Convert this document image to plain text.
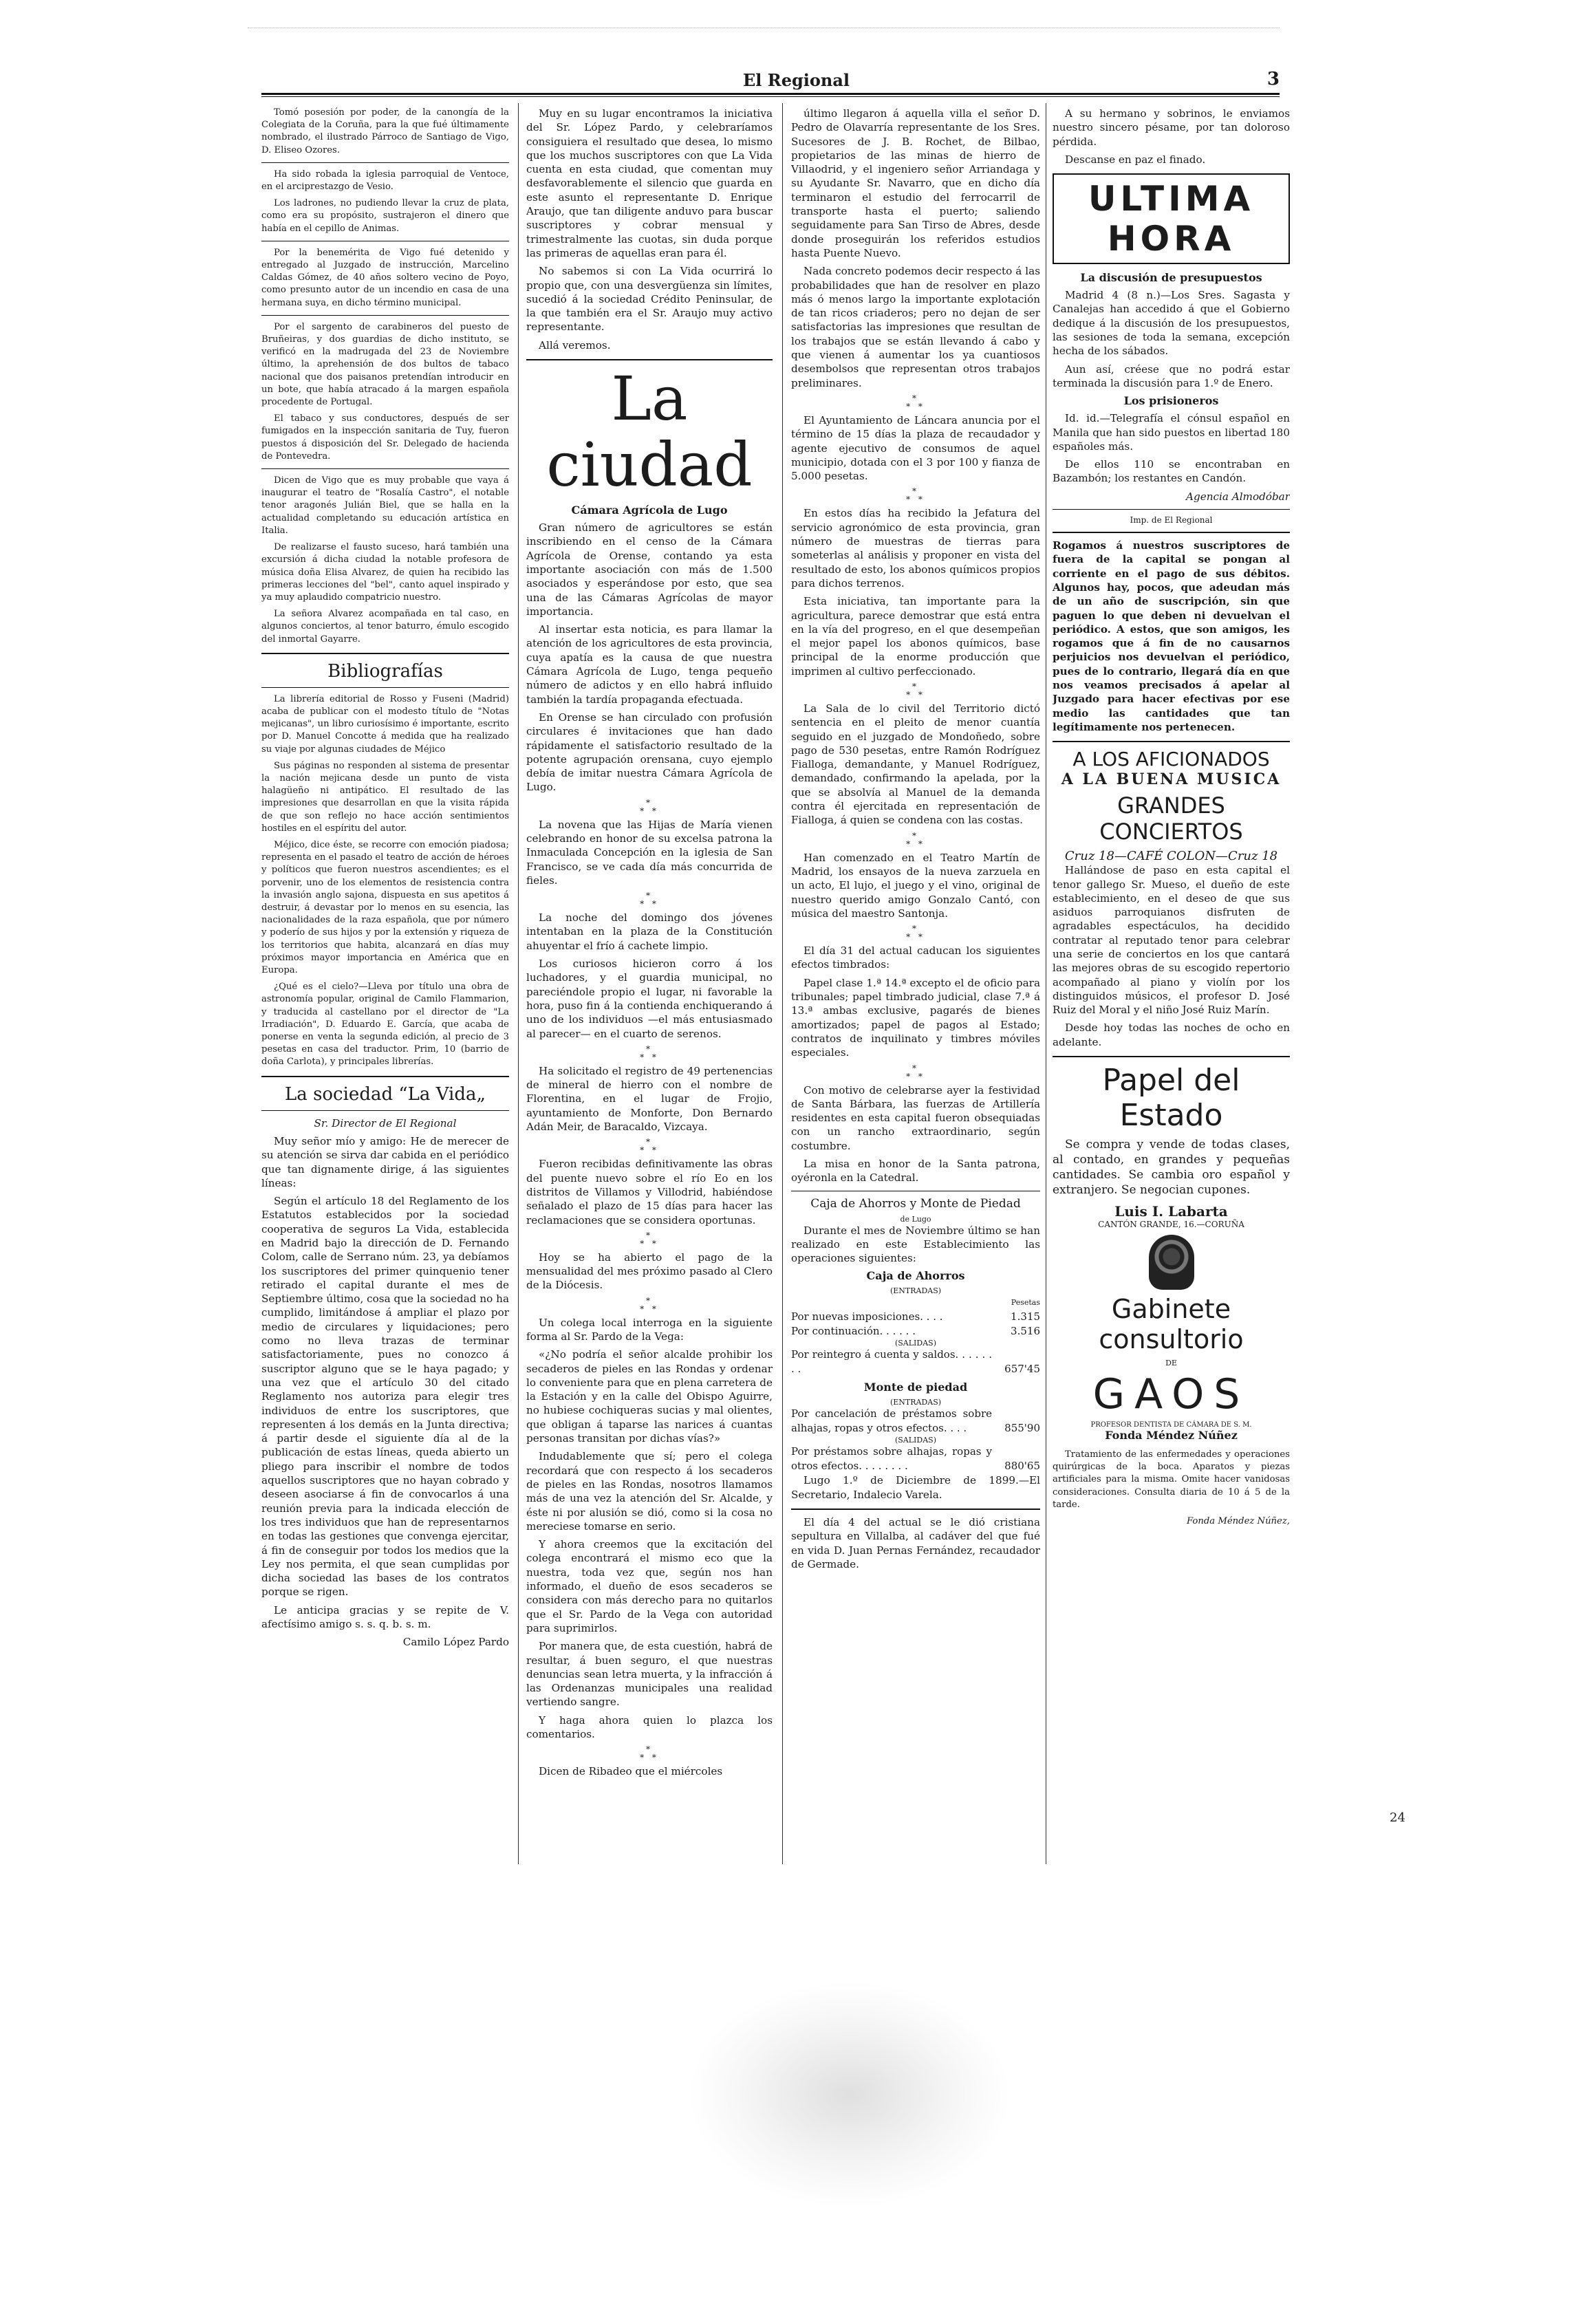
El Regional	3

Tomó posesión por poder, de la canongía de la Colegiata de la Coruña, para la que fué últimamente nombrado, el ilustrado Párroco de Santiago de Vigo, D. Eliseo Ozores.

Ha sido robada la iglesia parroquial de Ventoce, en el arciprestazgo de Vesio.

Los ladrones, no pudiendo llevar la cruz de plata, como era su propósito, sustrajeron el dinero que había en el cepillo de Animas.

Por la benemérita de Vigo fué detenido y entregado al Juzgado de instrucción, Marcelino Caldas Gómez, de 40 años soltero vecino de Poyo, como presunto autor de un incendio en casa de una hermana suya, en dicho término municipal.

Por el sargento de carabineros del puesto de Bruñeiras, y dos guardias de dicho instituto, se verificó en la madrugada del 23 de Noviembre último, la aprehensión de dos bultos de tabaco nacional que dos paisanos pretendían introducir en un bote, que había atracado á la margen española procedente de Portugal.

El tabaco y sus conductores, después de ser fumigados en la inspección sanitaria de Tuy, fueron puestos á disposición del Sr. Delegado de hacienda de Pontevedra.

Dicen de Vigo que es muy probable que vaya á inaugurar el teatro de "Rosalía Castro", el notable tenor aragonés Julián Biel, que se halla en la actualidad completando su educación artística en Italia.

De realizarse el fausto suceso, hará también una excursión á dicha ciudad la notable profesora de música doña Elisa Alvarez, de quien ha recibido las primeras lecciones del "bel", canto aquel inspirado y ya muy aplaudido compatricio nuestro.

La señora Alvarez acompañada en tal caso, en algunos conciertos, al tenor baturro, émulo escogido del inmortal Gayarre.

Bibliografías

La librería editorial de Rosso y Fuseni (Madrid) acaba de publicar con el modesto título de "Notas mejicanas", un libro curiosísimo é importante, escrito por D. Manuel Concotte á medida que ha realizado su viaje por algunas ciudades de Méjico

Sus páginas no responden al sistema de presentar la nación mejicana desde un punto de vista halagüeño ni antipático. El resultado de las impresiones que desarrollan en que la visita rápida de que son reflejo no hace acción sentimientos hostiles en el espíritu del autor.

Méjico, dice éste, se recorre con emoción piadosa; representa en el pasado el teatro de acción de héroes y políticos que fueron nuestros ascendientes; es el porvenir, uno de los elementos de resistencia contra la invasión anglo sajona, dispuesta en sus apetitos á destruir, á devastar por lo menos en su esencia, las nacionalidades de la raza española, que por número y poderío de sus hijos y por la extensión y riqueza de los territorios que habita, alcanzará en días muy próximos mayor importancia en América que en Europa.

¿Qué es el cielo?—Lleva por título una obra de astronomía popular, original de Camilo Flammarion, y traducida al castellano por el director de "La Irradiación", D. Eduardo E. García, que acaba de ponerse en venta la segunda edición, al precio de 3 pesetas en casa del traductor. Prim, 10 (barrio de doña Carlota), y principales librerías.

La sociedad “La Vida„

Sr. Director de El Regional

Muy señor mío y amigo: He de merecer de su atención se sirva dar cabida en el periódico que tan dignamente dirige, á las siguientes líneas:

Según el artículo 18 del Reglamento de los Estatutos establecidos por la sociedad cooperativa de seguros La Vida, establecida en Madrid bajo la dirección de D. Fernando Colom, calle de Serrano núm. 23, ya debíamos los suscriptores del primer quinquenio tener retirado el capital durante el mes de Septiembre último, cosa que la sociedad no ha cumplido, limitándose á ampliar el plazo por medio de circulares y liquidaciones; pero como no lleva trazas de terminar satisfactoriamente, pues no conozco á suscriptor alguno que se le haya pagado; y una vez que el artículo 30 del citado Reglamento nos autoriza para elegir tres individuos de entre los suscriptores, que representen á los demás en la Junta directiva; á partir desde el siguiente día al de la publicación de estas líneas, queda abierto un pliego para inscribir el nombre de todos aquellos suscriptores que no hayan cobrado y deseen asociarse á fin de convocarlos á una reunión previa para la indicada elección de los tres individuos que han de representarnos en todas las gestiones que convenga ejercitar, á fin de conseguir por todos los medios que la Ley nos permita, el que sean cumplidas por dicha sociedad las bases de los contratos porque se rigen.

Le anticipa gracias y se repite de V. afectísimo amigo s. s. q. b. s. m.

Camilo López Pardo

Muy en su lugar encontramos la iniciativa del Sr. López Pardo, y celebraríamos consiguiera el resultado que desea, lo mismo que los muchos suscriptores con que La Vida cuenta en esta ciudad, que comentan muy desfavorablemente el silencio que guarda en este asunto el representante D. Enrique Araujo, que tan diligente anduvo para buscar suscriptores y cobrar mensual y trimestralmente las cuotas, sin duda porque las primeras de aquellas eran para él.

No sabemos si con La Vida ocurrirá lo propio que, con una desvergüenza sin límites, sucedió á la sociedad Crédito Peninsular, de la que también era el Sr. Araujo muy activo representante.

Allá veremos.

La ciudad
Cámara Agrícola de Lugo

Gran número de agricultores se están inscribiendo en el censo de la Cámara Agrícola de Orense, contando ya esta importante asociación con más de 1.500 asociados y esperándose por esto, que sea una de las Cámaras Agrícolas de mayor importancia.

Al insertar esta noticia, es para llamar la atención de los agricultores de esta provincia, cuya apatía es la causa de que nuestra Cámara Agrícola de Lugo, tenga pequeño número de adictos y en ello habrá influido también la tardía propaganda efectuada.

En Orense se han circulado con profusión circulares é invitaciones que han dado rápidamente el satisfactorio resultado de la potente agrupación orensana, cuyo ejemplo debía de imitar nuestra Cámara Agrícola de Lugo.

*
* *

La novena que las Hijas de María vienen celebrando en honor de su excelsa patrona la Inmaculada Concepción en la iglesia de San Francisco, se ve cada día más concurrida de fieles.

*
* *

La noche del domingo dos jóvenes intentaban en la plaza de la Constitución ahuyentar el frío á cachete limpio.

Los curiosos hicieron corro á los luchadores, y el guardia municipal, no pareciéndole propio el lugar, ni favorable la hora, puso fin á la contienda enchiquerando á uno de los individuos —el más entusiasmado al parecer— en el cuarto de serenos.

*
* *

Ha solicitado el registro de 49 pertenencias de mineral de hierro con el nombre de Florentina, en el lugar de Frojio, ayuntamiento de Monforte, Don Bernardo Adán Meir, de Baracaldo, Vizcaya.

*
* *

Fueron recibidas definitivamente las obras del puente nuevo sobre el río Eo en los distritos de Villamos y Villodrid, habiéndose señalado el plazo de 15 días para hacer las reclamaciones que se considera oportunas.

*
* *

Hoy se ha abierto el pago de la mensualidad del mes próximo pasado al Clero de la Diócesis.

*
* *

Un colega local interroga en la siguiente forma al Sr. Pardo de la Vega:

«¿No podría el señor alcalde prohibir los secaderos de pieles en las Rondas y ordenar lo conveniente para que en plena carretera de la Estación y en la calle del Obispo Aguirre, no hubiese cochiqueras sucias y mal olientes, que obligan á taparse las narices á cuantas personas transitan por dichas vías?»

Indudablemente que sí; pero el colega recordará que con respecto á los secaderos de pieles en las Rondas, nosotros llamamos más de una vez la atención del Sr. Alcalde, y éste ni por alusión se dió, como si la cosa no mereciese tomarse en serio.

Y ahora creemos que la excitación del colega encontrará el mismo eco que la nuestra, toda vez que, según nos han informado, el dueño de esos secaderos se considera con más derecho para no quitarlos que el Sr. Pardo de la Vega con autoridad para suprimirlos.

Por manera que, de esta cuestión, habrá de resultar, á buen seguro, el que nuestras denuncias sean letra muerta, y la infracción á las Ordenanzas municipales una realidad vertiendo sangre.

Y haga ahora quien lo plazca los comentarios.

*
* *

Dicen de Ribadeo que el miércoles

último llegaron á aquella villa el señor D. Pedro de Olavarría representante de los Sres. Sucesores de J. B. Rochet, de Bilbao, propietarios de las minas de hierro de Villaodrid, y el ingeniero señor Arriandaga y su Ayudante Sr. Navarro, que en dicho día terminaron el estudio del ferrocarril de transporte hasta el puerto; saliendo seguidamente para San Tirso de Abres, desde donde proseguirán los referidos estudios hasta Puente Nuevo.

Nada concreto podemos decir respecto á las probabilidades que han de resolver en plazo más ó menos largo la importante explotación de tan ricos criaderos; pero no dejan de ser satisfactorias las impresiones que resultan de los trabajos que se están llevando á cabo y que vienen á aumentar los ya cuantiosos desembolsos que representan otros trabajos preliminares.

*
* *

El Ayuntamiento de Láncara anuncia por el término de 15 días la plaza de recaudador y agente ejecutivo de consumos de aquel municipio, dotada con el 3 por 100 y fianza de 5.000 pesetas.

*
* *

En estos días ha recibido la Jefatura del servicio agronómico de esta provincia, gran número de muestras de tierras para someterlas al análisis y proponer en vista del resultado de esto, los abonos químicos propios para dichos terrenos.

Esta iniciativa, tan importante para la agricultura, parece demostrar que está entra en la vía del progreso, en el que desempeñan el mejor papel los abonos químicos, base principal de la enorme producción que imprimen al cultivo perfeccionado.

*
* *

La Sala de lo civil del Territorio dictó sentencia en el pleito de menor cuantía seguido en el juzgado de Mondoñedo, sobre pago de 530 pesetas, entre Ramón Rodríguez Fialloga, demandante, y Manuel Rodríguez, demandado, confirmando la apelada, por la que se absolvía al Manuel de la demanda contra él ejercitada en representación de Fialloga, á quien se condena con las costas.

*
* *

Han comenzado en el Teatro Martín de Madrid, los ensayos de la nueva zarzuela en un acto, El lujo, el juego y el vino, original de nuestro querido amigo Gonzalo Cantó, con música del maestro Santonja.

*
* *

El día 31 del actual caducan los siguientes efectos timbrados:

Papel clase 1.ª 14.ª excepto el de oficio para tribunales; papel timbrado judicial, clase 7.ª á 13.ª ambas exclusive, pagarés de bienes amortizados; papel de pagos al Estado; contratos de inquilinato y timbres móviles especiales.

*
* *

Con motivo de celebrarse ayer la festividad de Santa Bárbara, las fuerzas de Artillería residentes en esta capital fueron obsequiadas con un rancho extraordinario, según costumbre.

La misa en honor de la Santa patrona, oyéronla en la Catedral.

Caja de Ahorros y Monte de Piedad
de Lugo

Durante el mes de Noviembre último se han realizado en este Establecimiento las operaciones siguientes:

Caja de Ahorros
(ENTRADAS)
	Pesetas
Por nuevas imposiciones. . . .	1.315
Por continuación. . . . . .	3.516
(SALIDAS)
Por reintegro á cuenta y saldos. . . . . . . .	657'45
Monte de piedad
(ENTRADAS)
Por cancelación de préstamos sobre alhajas, ropas y otros efectos. . . .	855'90
(SALIDAS)
Por préstamos sobre alhajas, ropas y otros efectos. . . . . . . .	880'65

Lugo 1.º de Diciembre de 1899.—El Secretario, Indalecio Varela.

El día 4 del actual se le dió cristiana sepultura en Villalba, al cadáver del que fué en vida D. Juan Pernas Fernández, recaudador de Germade.

A su hermano y sobrinos, le enviamos nuestro sincero pésame, por tan doloroso pérdida.

Descanse en paz el finado.

ULTIMA HORA
La discusión de presupuestos

Madrid 4 (8 n.)—Los Sres. Sagasta y Canalejas han accedido á que el Gobierno dedique á la discusión de los presupuestos, las sesiones de toda la semana, excepción hecha de los sábados.

Aun así, créese que no podrá estar terminada la discusión para 1.º de Enero.

Los prisioneros

Id. id.—Telegrafía el cónsul español en Manila que han sido puestos en libertad 180 españoles más.

De ellos 110 se encontraban en Bazambón; los restantes en Candón.

Agencia Almodóbar

Imp. de El Regional

Rogamos á nuestros suscriptores de fuera de la capital se pongan al corriente en el pago de sus débitos. Algunos hay, pocos, que adeudan más de un año de suscripción, sin que paguen lo que deben ni devuelvan el periódico. A estos, que son amigos, les rogamos que á fin de no causarnos perjuicios nos devuelvan el periódico, pues de lo contrario, llegará día en que nos veamos precisados á apelar al Juzgado para hacer efectivas por ese medio las cantidades que tan legítimamente nos pertenecen.

A LOS AFICIONADOS
A LA BUENA MUSICA
GRANDES CONCIERTOS
Cruz 18—CAFÉ COLON—Cruz 18

Hallándose de paso en esta capital el tenor gallego Sr. Mueso, el dueño de este establecimiento, en el deseo de que sus asiduos parroquianos disfruten de agradables espectáculos, ha decidido contratar al reputado tenor para celebrar una serie de conciertos en los que cantará las mejores obras de su escogido repertorio acompañado al piano y violín por los distinguidos músicos, el profesor D. José Ruiz del Moral y el niño José Ruiz Marín.

Desde hoy todas las noches de ocho en adelante.

Papel del Estado

Se compra y vende de todas clases, al contado, en grandes y pequeñas cantidades. Se cambia oro español y extranjero. Se negocian cupones.

Luis I. Labarta
CANTÓN GRANDE, 16.—CORUÑA
Gabinete consultorio
DE
GAOS
PROFESOR DENTISTA DE CÁMARA DE S. M.
Fonda Méndez Núñez

Tratamiento de las enfermedades y operaciones quirúrgicas de la boca. Aparatos y piezas artificiales para la misma. Omite hacer vanidosas consideraciones. Consulta diaria de 10 á 5 de la tarde.

Fonda Méndez Núñez,

24
